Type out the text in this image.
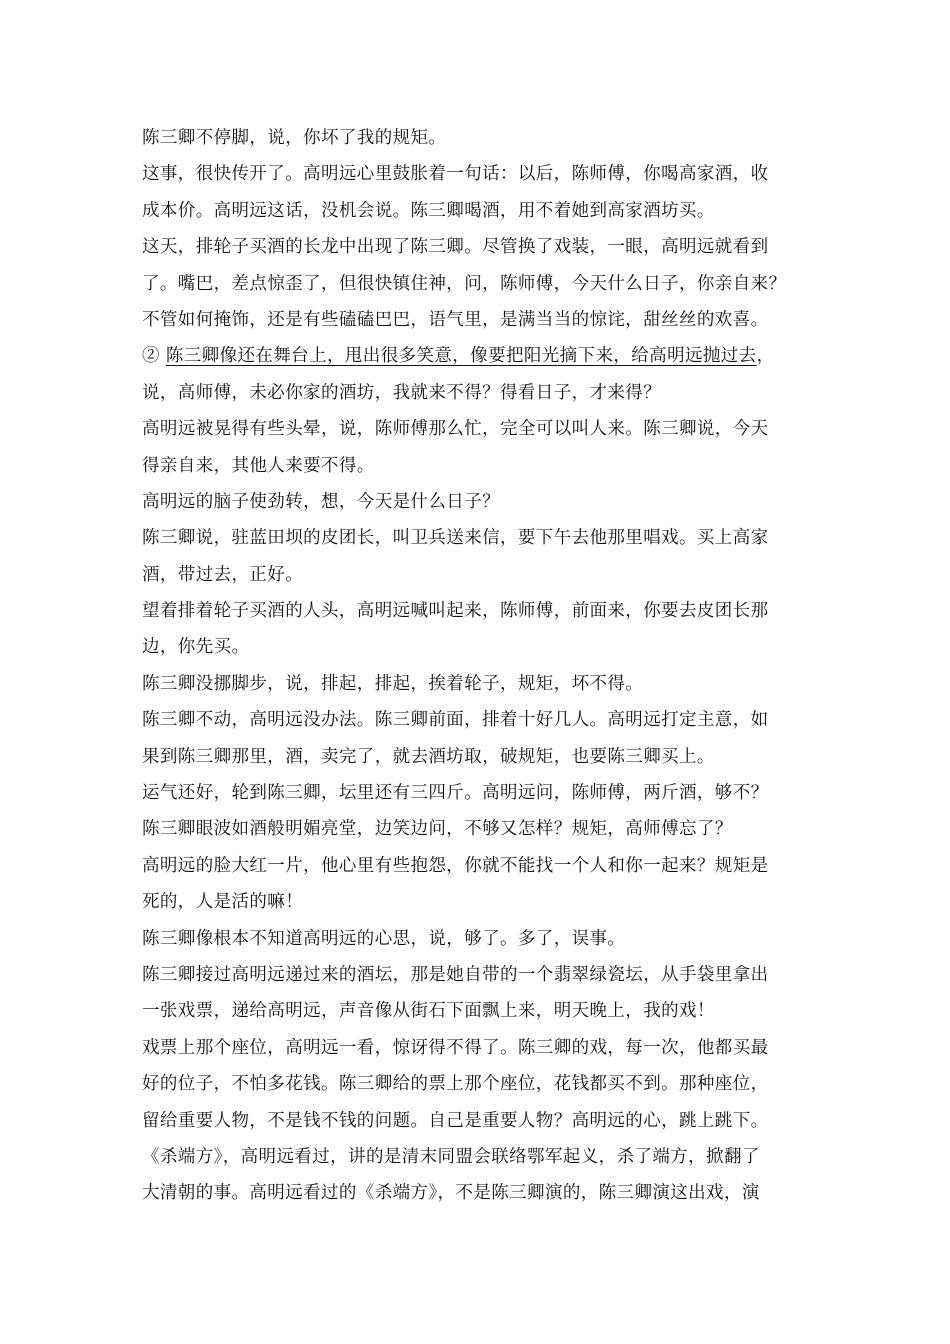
陈三卿不停脚，说，你坏了我的规矩。
这事，很快传开了。高明远心里鼓胀着一句话：以后，陈师傅，你喝高家酒，收
成本价。高明远这话，没机会说。陈三卿喝酒，用不着她到高家酒坊买。
这天，排轮子买酒的长龙中出现了陈三卿。尽管换了戏装，一眼，高明远就看到
了。嘴巴，差点惊歪了，但很快镇住神，问，陈师傅，今天什么日子，你亲自来？
不管如何掩饰，还是有些磕磕巴巴，语气里，是满当当的惊诧，甜丝丝的欢喜。
② 陈三卿像还在舞台上，甩出很多笑意，像要把阳光摘下来，给高明远抛过去，
说，高师傅，未必你家的酒坊，我就来不得？得看日子，才来得？
高明远被晃得有些头晕，说，陈师傅那么忙，完全可以叫人来。陈三卿说，今天
得亲自来，其他人来要不得。
高明远的脑子使劲转，想，今天是什么日子？
陈三卿说，驻蓝田坝的皮团长，叫卫兵送来信，要下午去他那里唱戏。买上高家
酒，带过去，正好。
望着排着轮子买酒的人头，高明远喊叫起来，陈师傅，前面来，你要去皮团长那
边，你先买。
陈三卿没挪脚步，说，排起，排起，挨着轮子，规矩，坏不得。
陈三卿不动，高明远没办法。陈三卿前面，排着十好几人。高明远打定主意，如
果到陈三卿那里，酒，卖完了，就去酒坊取，破规矩，也要陈三卿买上。
运气还好，轮到陈三卿，坛里还有三四斤。高明远问，陈师傅，两斤酒，够不？
陈三卿眼波如酒般明媚亮堂，边笑边问，不够又怎样？规矩，高师傅忘了？
高明远的脸大红一片，他心里有些抱怨，你就不能找一个人和你一起来？规矩是
死的，人是活的嘛！
陈三卿像根本不知道高明远的心思，说，够了。多了，误事。
陈三卿接过高明远递过来的酒坛，那是她自带的一个翡翠绿瓷坛，从手袋里拿出
一张戏票，递给高明远，声音像从街石下面飘上来，明天晚上，我的戏！
戏票上那个座位，高明远一看，惊讶得不得了。陈三卿的戏，每一次，他都买最
好的位子，不怕多花钱。陈三卿给的票上那个座位，花钱都买不到。那种座位，
留给重要人物，不是钱不钱的问题。自己是重要人物？高明远的心，跳上跳下。
《杀端方》，高明远看过，讲的是清末同盟会联络鄂军起义，杀了端方，掀翻了
大清朝的事。高明远看过的《杀端方》，不是陈三卿演的，陈三卿演这出戏，演
